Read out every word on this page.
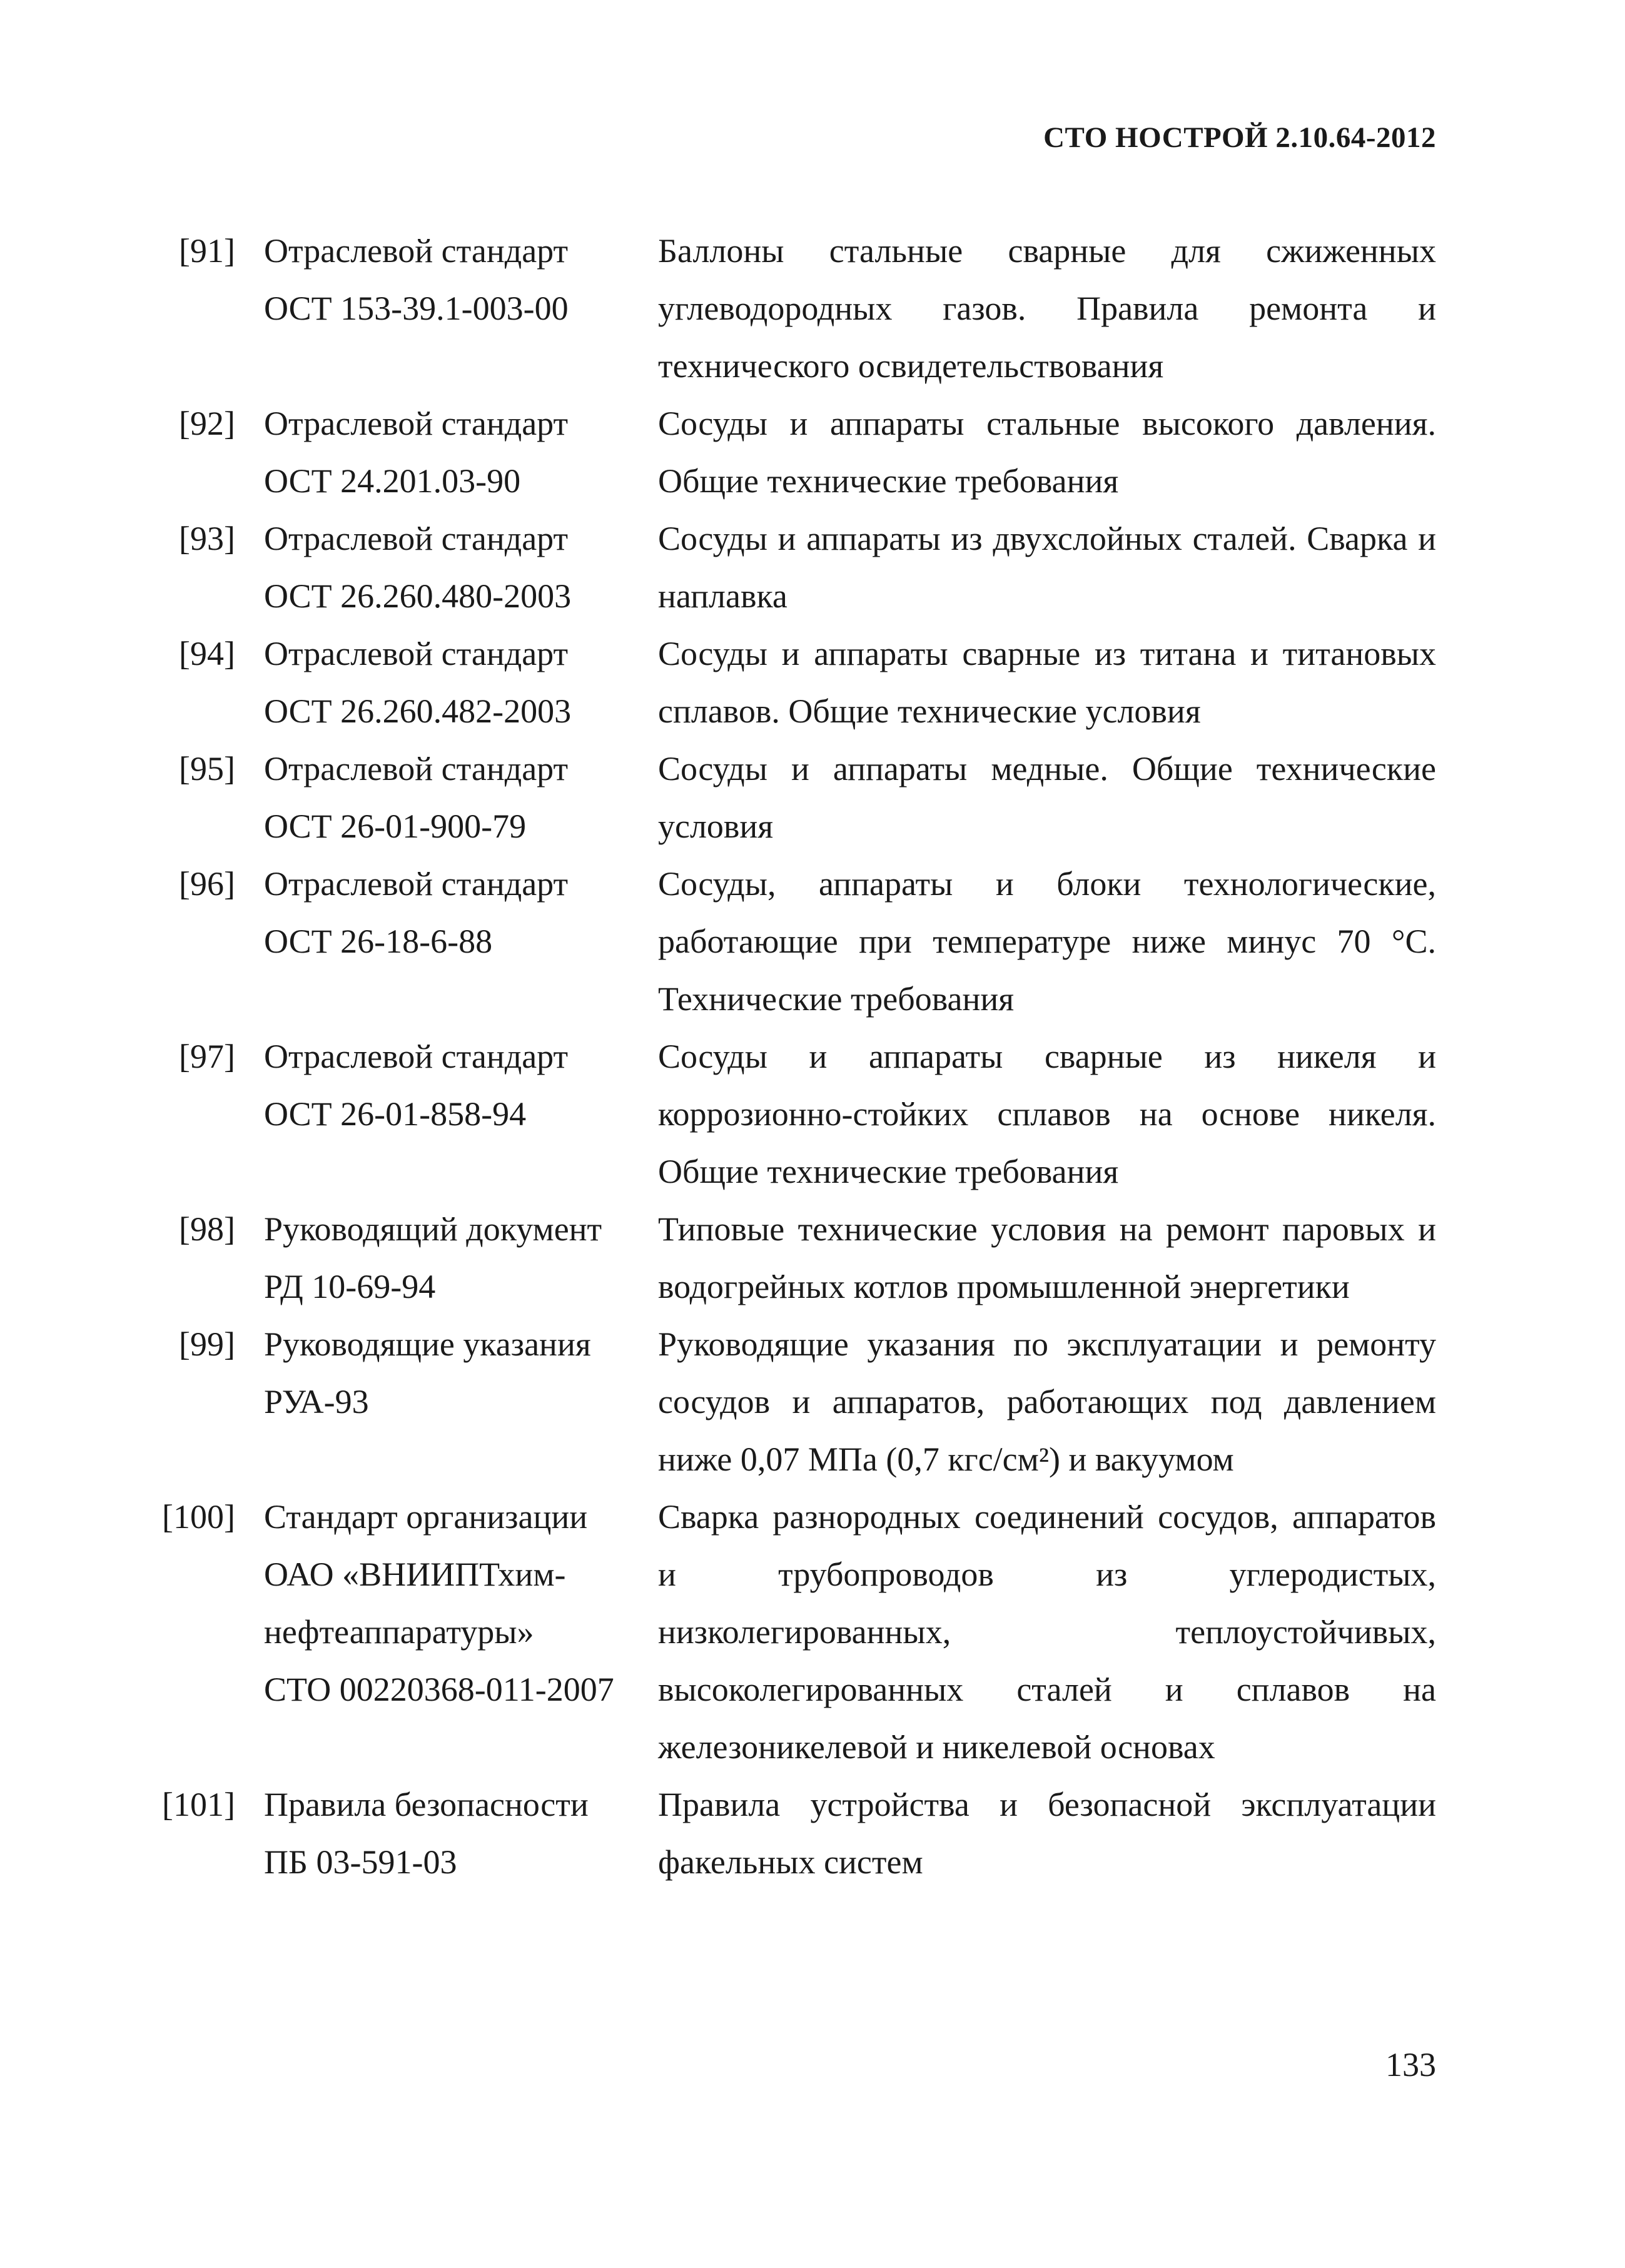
СТО НОСТРОЙ 2.10.64-2012
[91] Отраслевой стандарт
ОСТ 153-39.1-003-00
Баллоны стальные сварные для сжиженных углеводородных газов. Правила ремонта и технического освидетельствования
[92] Отраслевой стандарт
ОСТ 24.201.03-90
Сосуды и аппараты стальные высокого давления. Общие технические требования
[93] Отраслевой стандарт
ОСТ 26.260.480-2003
Сосуды и аппараты из двухслойных сталей. Сварка и наплавка
[94] Отраслевой стандарт
ОСТ 26.260.482-2003
Сосуды и аппараты сварные из титана и титановых сплавов. Общие технические условия
[95] Отраслевой стандарт
ОСТ 26-01-900-79
Сосуды и аппараты медные. Общие технические условия
[96] Отраслевой стандарт
ОСТ 26-18-6-88
Сосуды, аппараты и блоки технологические, работающие при температуре ниже минус 70 °С. Технические требования
[97] Отраслевой стандарт
ОСТ 26-01-858-94
Сосуды и аппараты сварные из никеля и коррозионно-стойких сплавов на основе никеля. Общие технические требования
[98] Руководящий документ
РД 10-69-94
Типовые технические условия на ремонт паровых и водогрейных котлов промышленной энергетики
[99] Руководящие указания
РУА-93
Руководящие указания по эксплуатации и ремонту сосудов и аппаратов, работающих под давлением ниже 0,07 МПа (0,7 кгс/см²) и вакуумом
[100] Стандарт организации
ОАО «ВНИИПТхим-
нефтеаппаратуры»
СТО 00220368-011-2007
Сварка разнородных соединений сосудов, аппаратов и трубопроводов из углеродистых, низколегированных, теплоустойчивых, высоколегированных сталей и сплавов на железоникелевой и никелевой основах
[101] Правила безопасности
ПБ 03-591-03
Правила устройства и безопасной эксплуатации факельных систем
133
